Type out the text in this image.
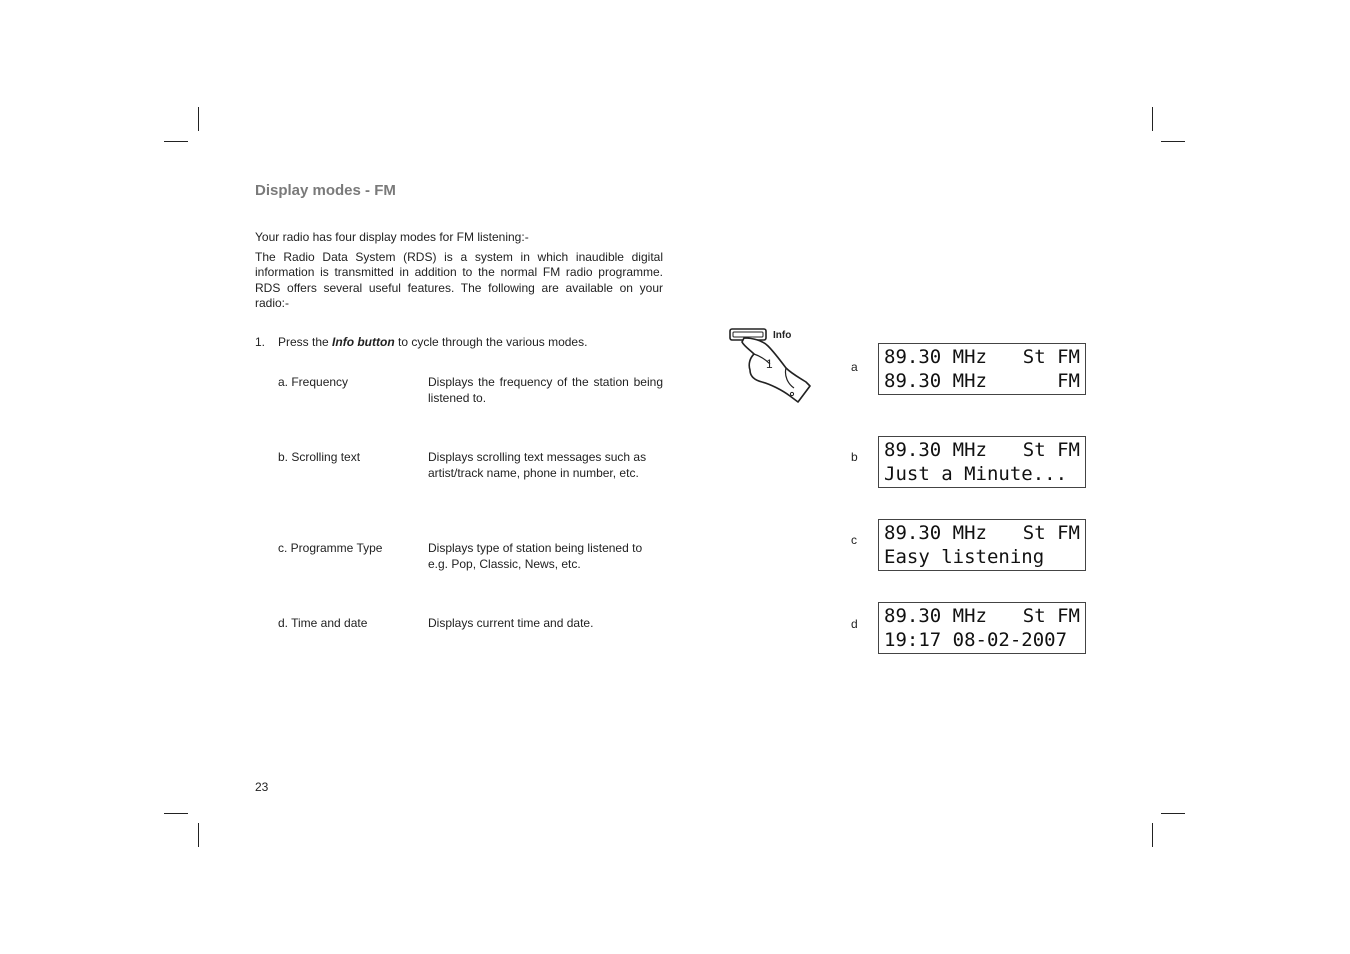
Display modes - FM
Your radio has four display modes for FM listening:-
The Radio Data System (RDS) is a system in which inaudible digital information is transmitted in addition to the normal FM radio programme. RDS offers several useful features. The following are available on your radio:-
1. Press the Info button to cycle through the various modes.
a. Frequency	Displays the frequency of the station being listened to.
b. Scrolling text	Displays scrolling text messages such as artist/track name, phone in number, etc.
c. Programme Type	Displays type of station being listened to e.g. Pop, Classic, News, etc.
d. Time and date	Displays current time and date.
Info
1	a 89.30 MHz St FM
89.30 MHz	FM
b 89.30 MHz St FM
Just a Minute...
c 89.30 MHz St FM
Easy listening
d 89.30 MHz St FM
19:17 08-02-2007
23
